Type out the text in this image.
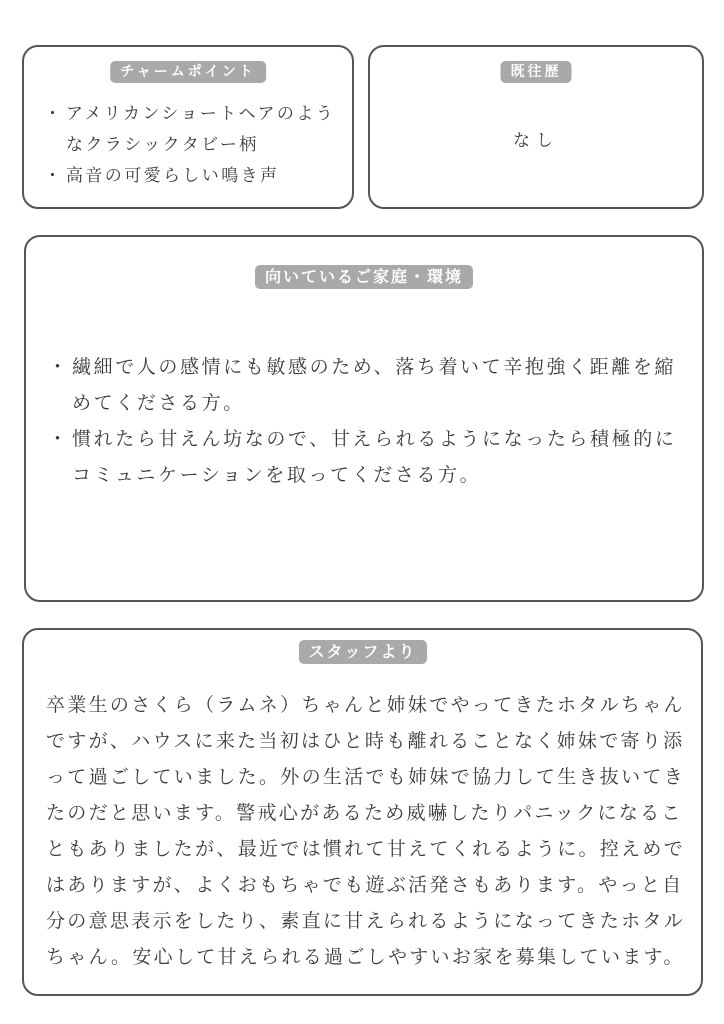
チャームポイント
・ アメリカンショートヘアのようなクラシックタビー柄
・ 高音の可愛らしい鳴き声
既往歴
なし
向いているご家庭・環境
・ 繊細で人の感情にも敏感のため、落ち着いて辛抱強く距離を縮めてくださる方。
・ 慣れたら甘えん坊なので、甘えられるようになったら積極的にコミュニケーションを取ってくださる方。
スタッフより

卒業生のさくら（ラムネ）ちゃんと姉妹でやってきたホタルちゃんですが、ハウスに来た当初はひと時も離れることなく姉妹で寄り添って過ごしていました。外の生活でも姉妹で協力して生き抜いてきたのだと思います。警戒心があるため威嚇したりパニックになることもありましたが、最近では慣れて甘えてくれるように。控えめではありますが、よくおもちゃでも遊ぶ活発さもあります。やっと自分の意思表示をしたり、素直に甘えられるようになってきたホタルちゃん。安心して甘えられる過ごしやすいお家を募集しています。
